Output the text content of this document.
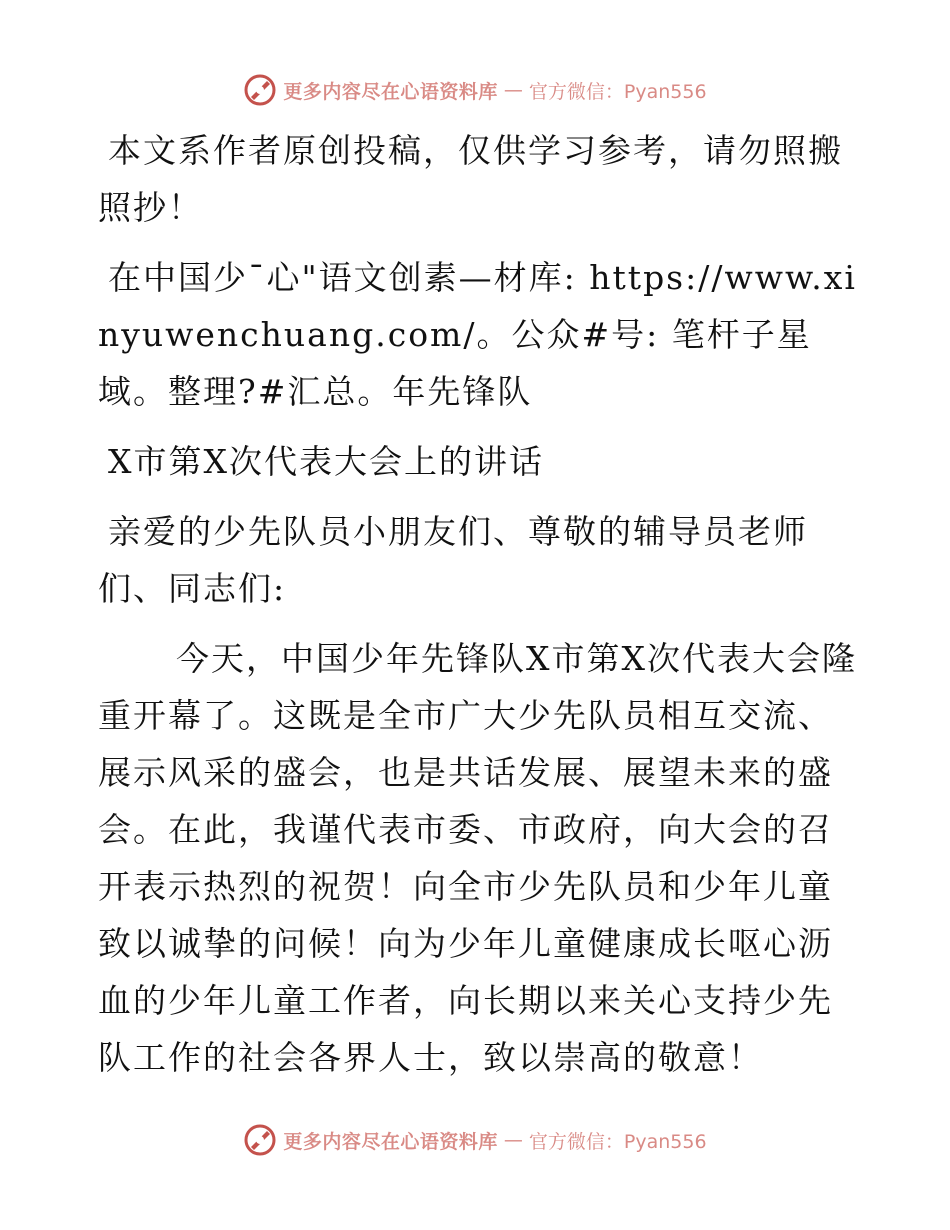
更多内容尽在心语资料库 — 官方微信：Pyan556

本文系作者原创投稿，仅供学习参考，请勿照搬照抄！

在中国少¯心"语文创素—材库: https://www.xinyuwenchuang.com/。公众#号: 笔杆子星域。整理?#汇总。年先锋队

X市第X次代表大会上的讲话

亲爱的少先队员小朋友们、尊敬的辅导员老师们、同志们:

今天，中国少年先锋队X市第X次代表大会隆重开幕了。这既是全市广大少先队员相互交流、展示风采的盛会，也是共话发展、展望未来的盛会。在此，我谨代表市委、市政府，向大会的召开表示热烈的祝贺！向全市少先队员和少年儿童致以诚挚的问候！向为少年儿童健康成长呕心沥血的少年儿童工作者，向长期以来关心支持少先队工作的社会各界人士，致以崇高的敬意！

更多内容尽在心语资料库 — 官方微信：Pyan556
